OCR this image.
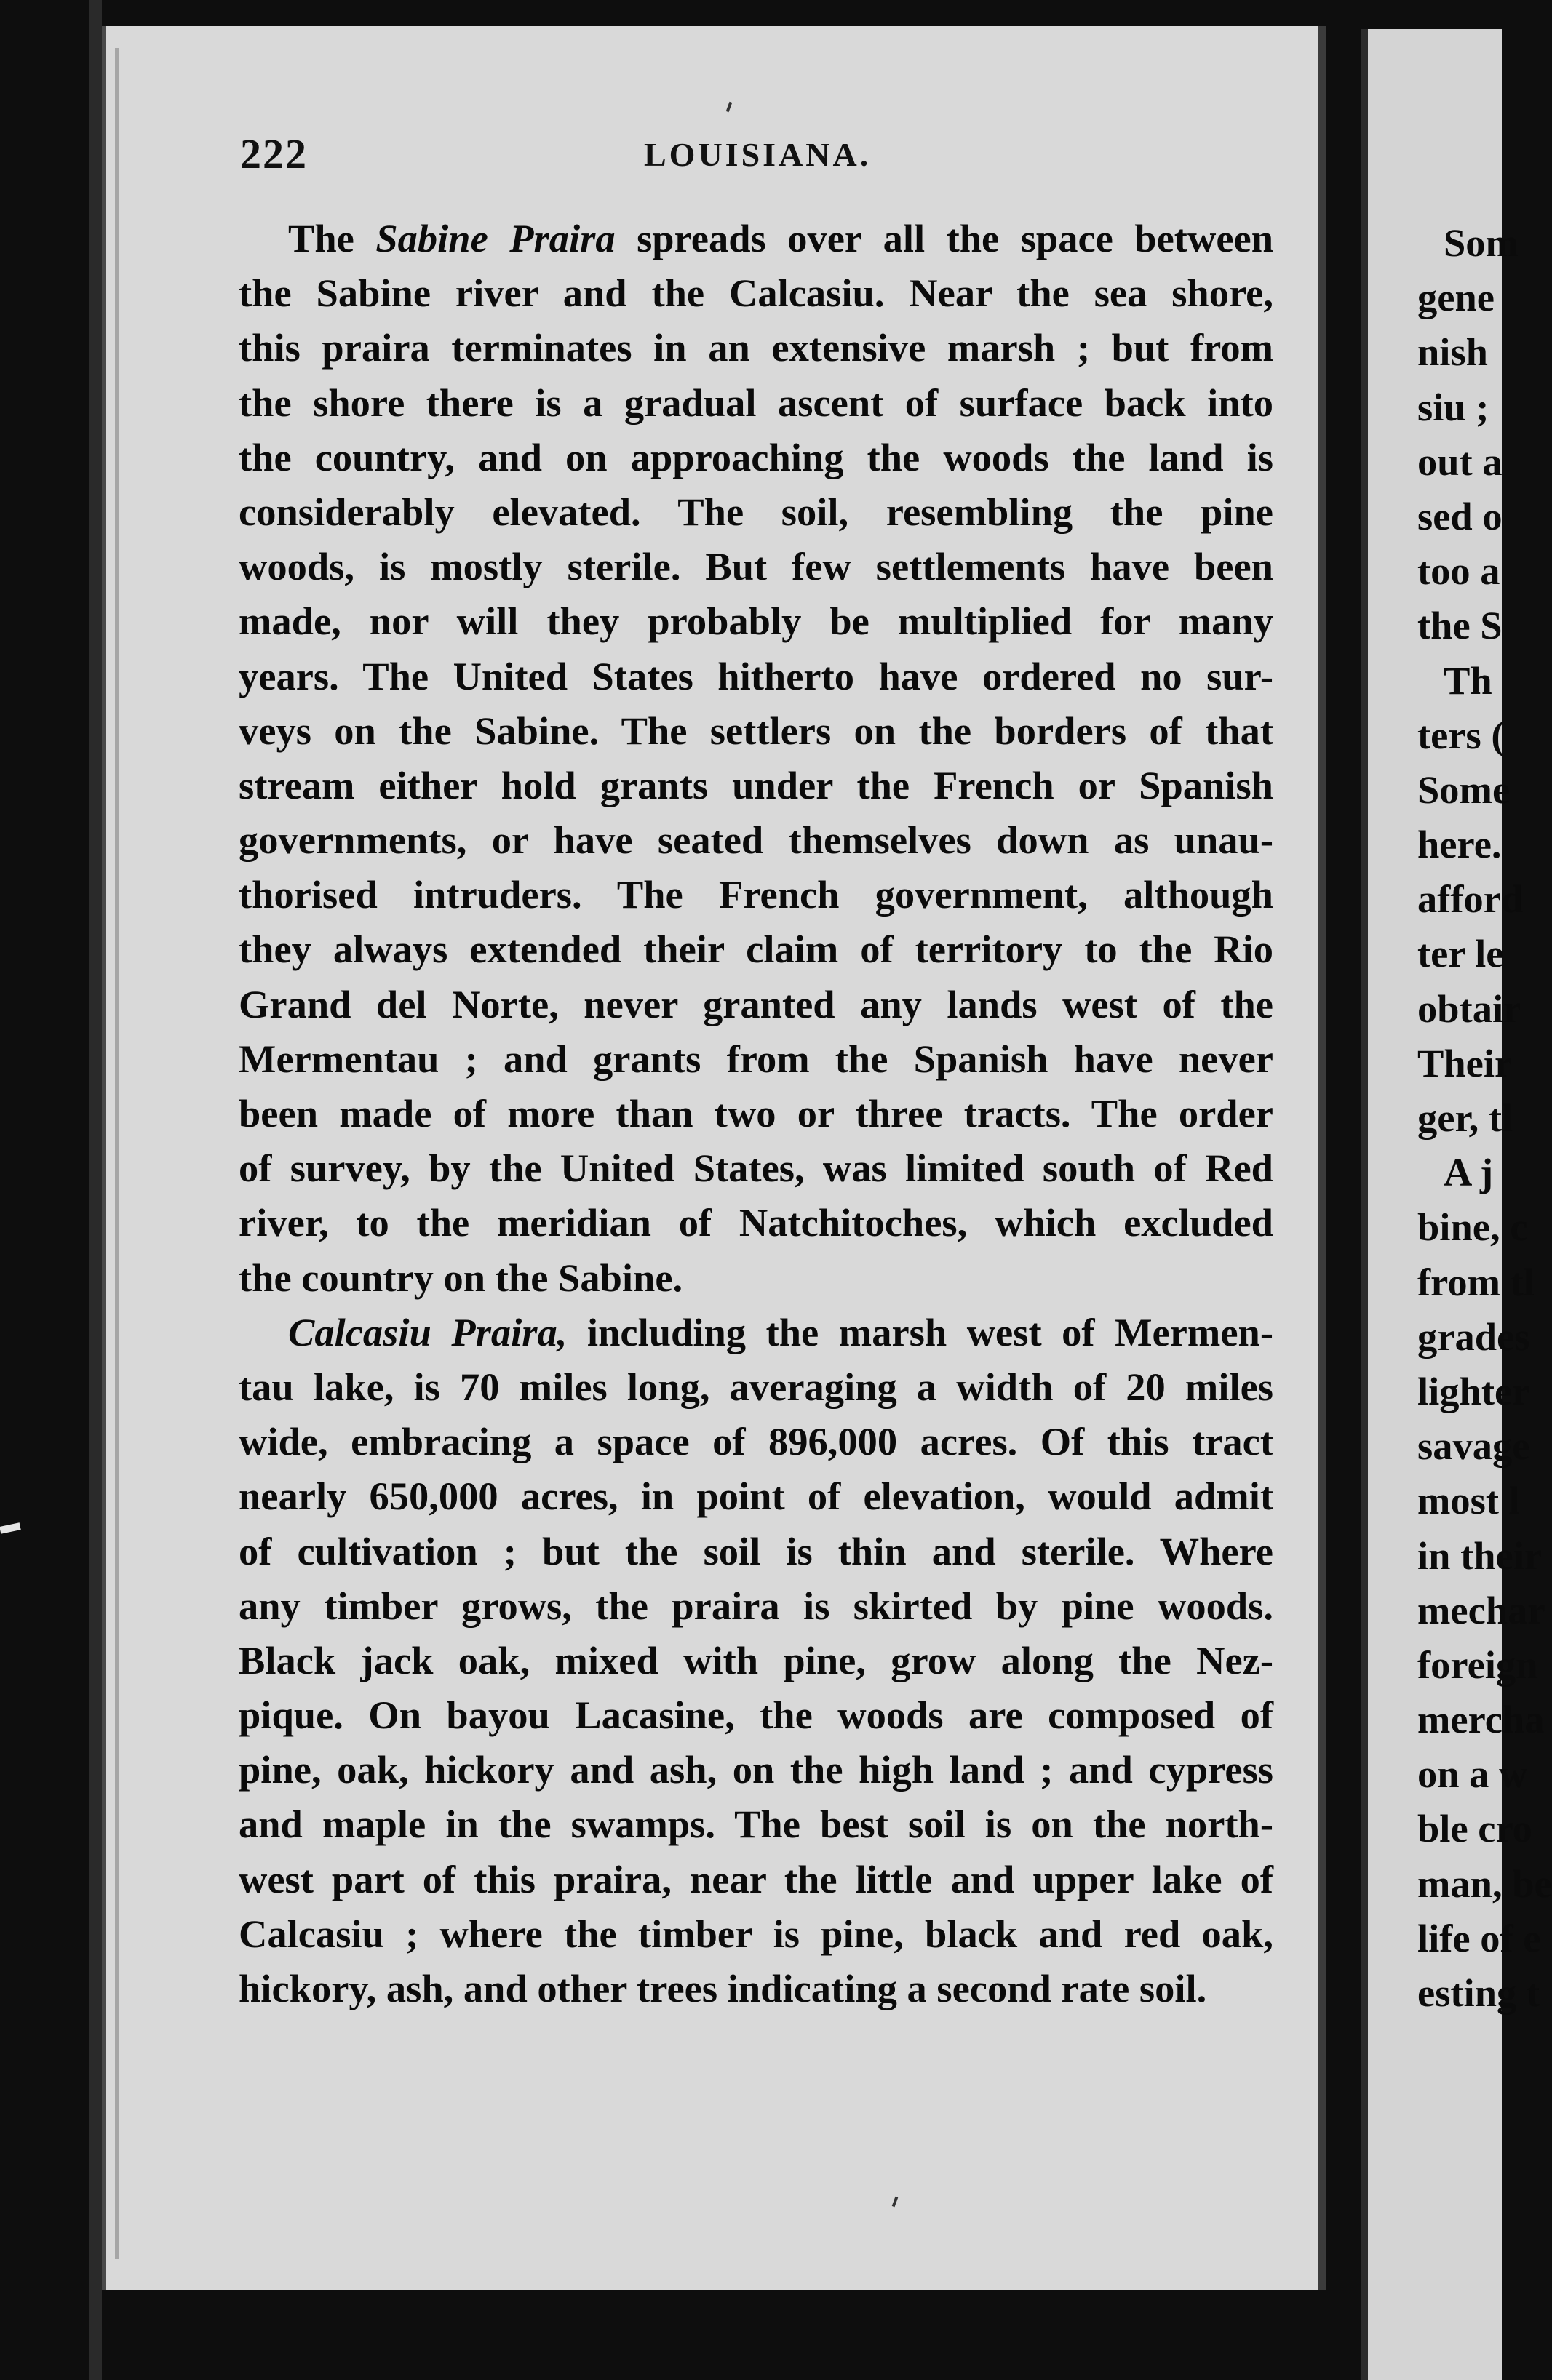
222	LOUISIANA.
The Sabine Praira spreads over all the space between
the Sabine river and the Calcasiu. Near the sea shore,
this praira terminates in an extensive marsh ; but from
the shore there is a gradual ascent of surface back into
the country, and on approaching the woods the land is
considerably elevated. The soil, resembling the pine
woods, is mostly sterile. But few settlements have been
made, nor will they probably be multiplied for many
years. The United States hitherto have ordered no sur-
veys on the Sabine. The settlers on the borders of that
stream either hold grants under the French or Spanish
governments, or have seated themselves down as unau-
thorised intruders. The French government, although
they always extended their claim of territory to the Rio
Grand del Norte, never granted any lands west of the
Mermentau ; and grants from the Spanish have never
been made of more than two or three tracts. The order
of survey, by the United States, was limited south of Red
river, to the meridian of Natchitoches, which excluded
the country on the Sabine.
Calcasiu Praira, including the marsh west of Mermen-
tau lake, is 70 miles long, averaging a width of 20 miles
wide, embracing a space of 896,000 acres. Of this tract
nearly 650,000 acres, in point of elevation, would admit
of cultivation ; but the soil is thin and sterile. Where
any timber grows, the praira is skirted by pine woods.
Black jack oak, mixed with pine, grow along the Nez-
pique. On bayou Lacasine, the woods are composed of
pine, oak, hickory and ash, on the high land ; and cypress
and maple in the swamps. The best soil is on the north-
west part of this praira, near the little and upper lake of
Calcasiu ; where the timber is pine, black and red oak,
hickory, ash, and other trees indicating a second rate soil.
Som
gene
nish
siu ;
out a
sed o
too a
the S
Th
ters (
Some
here.
afford
ter le
obtair
Their
ger, tl
A j
bine, c
from tl
grades
lighter
savage
most l
in their
mechar
foreign
mercha
on a w
ble cro
man, be
life of e
esting t
